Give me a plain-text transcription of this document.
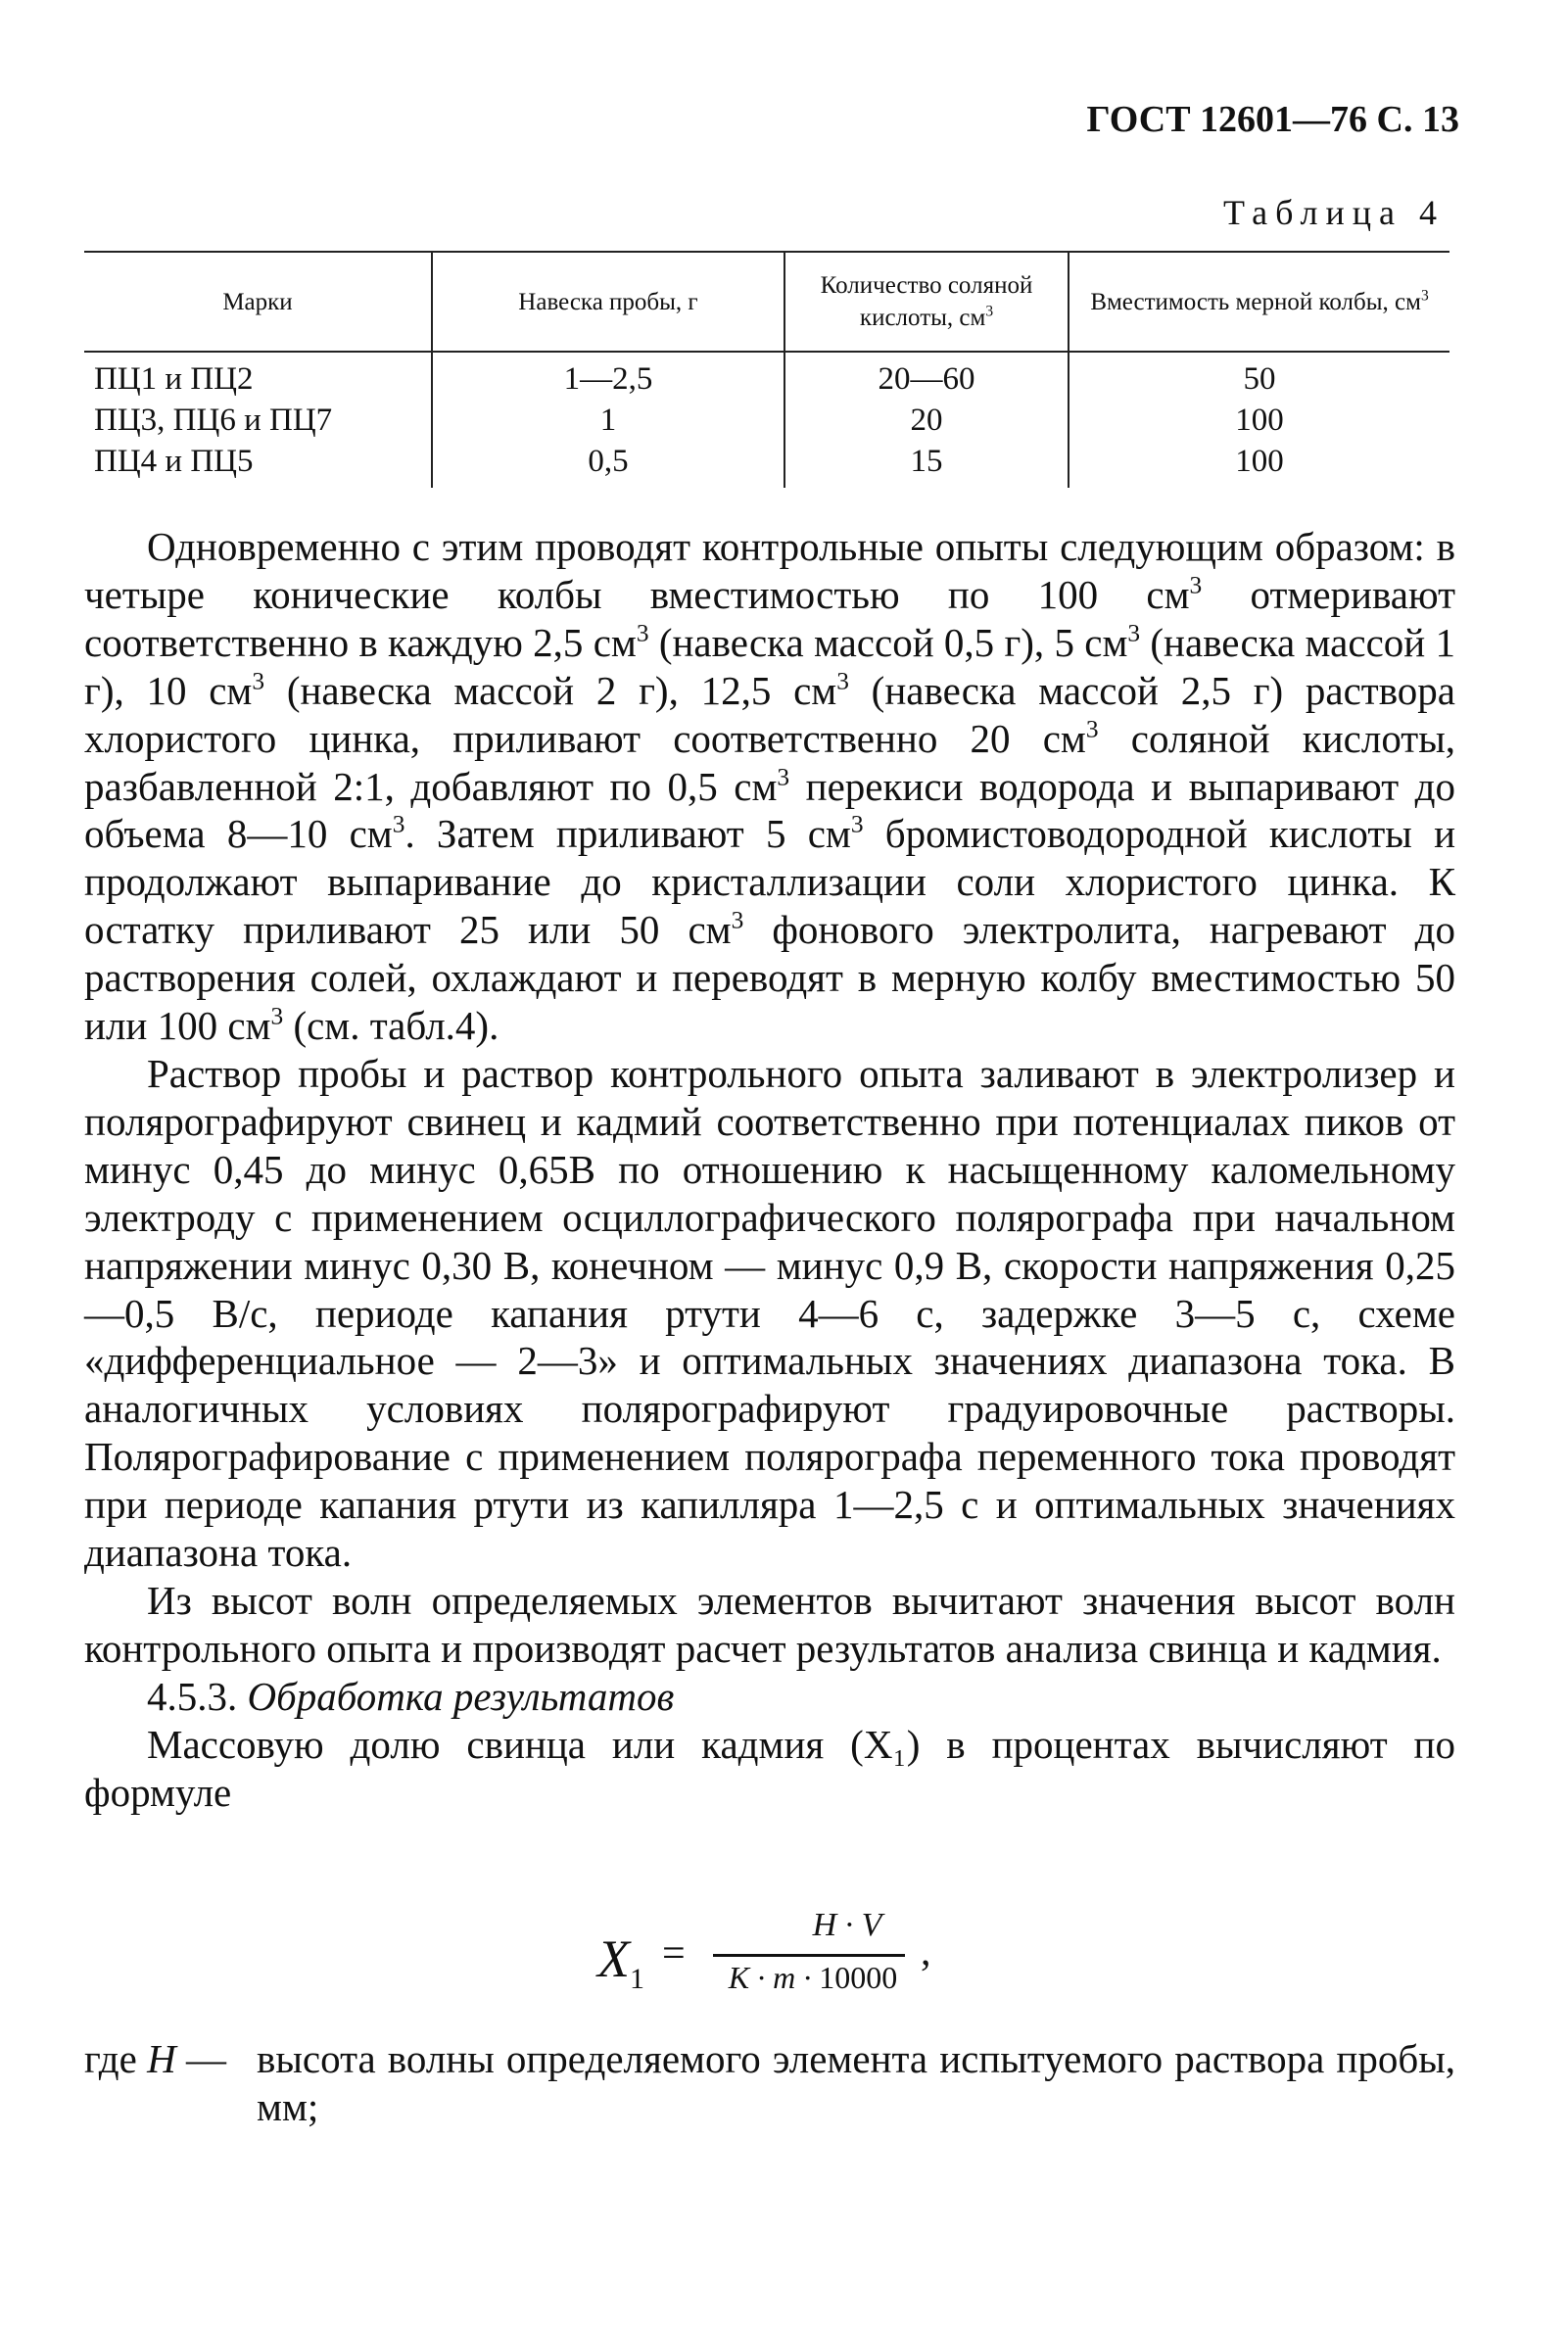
ГОСТ 12601—76 С. 13
Таблица 4
Марки	Навеска пробы, г	Количество соляной кислоты, $см^3$	Вместимость мерной колбы, $см^3$
ПЦ1 и ПЦ2	1—2,5	20—60	50
ПЦ3, ПЦ6 и ПЦ7	1	20	100
ПЦ4 и ПЦ5	0,5	15	100

Одновременно с этим проводят контрольные опыты следующим образом: в четыре конические колбы вместимостью по 100 $см^3$ отмеривают соответственно в каждую 2,5 $см^3$ (навеска массой 0,5 г), 5 $см^3$ (навеска массой 1 г), 10 $см^3$ (навеска массой 2 г), 12,5 $см^3$ (навеска массой 2,5 г) раствора хлористого цинка, приливают соответственно 20 $см^3$ соляной кислоты, разбавленной 2:1, добавляют по 0,5 $см^3$ перекиси водорода и выпаривают до объема 8—10 $см^3$. Затем приливают 5 $см^3$ бромистоводородной кислоты и продолжают выпаривание до кристаллизации соли хлористого цинка. К остатку приливают 25 или 50 $см^3$ фонового электролита, нагревают до растворения солей, охлаждают и переводят в мерную колбу вместимостью 50 или 100 $см^3$ (см. табл.4).

Раствор пробы и раствор контрольного опыта заливают в электролизер и полярографируют свинец и кадмий соответственно при потенциалах пиков от минус 0,45 до минус 0,65В по отношению к насыщенному каломельному электроду с применением осциллографического полярографа при начальном напряжении минус 0,30 В, конечном — минус 0,9 В, скорости напряжения 0,25—0,5 В/с, периоде капания ртути 4—6 с, задержке 3—5 с, схеме «дифференциальное — 2—3» и оптимальных значениях диапазона тока. В аналогичных условиях полярографируют градуировочные растворы. Полярографирование с применением полярографа переменного тока проводят при периоде капания ртути из капилляра 1—2,5 с и оптимальных значениях диапазона тока.

Из высот волн определяемых элементов вычитают значения высот волн контрольного опыта и производят расчет результатов анализа свинца и кадмия.

4.5.3. Обработка результатов

Массовую долю свинца или кадмия (X₁) в процентах вычисляют по формуле

$X_1$
=
H · V
K · m · 10000
,
где H — высота волны определяемого элемента испытуемого раствора пробы, мм;
